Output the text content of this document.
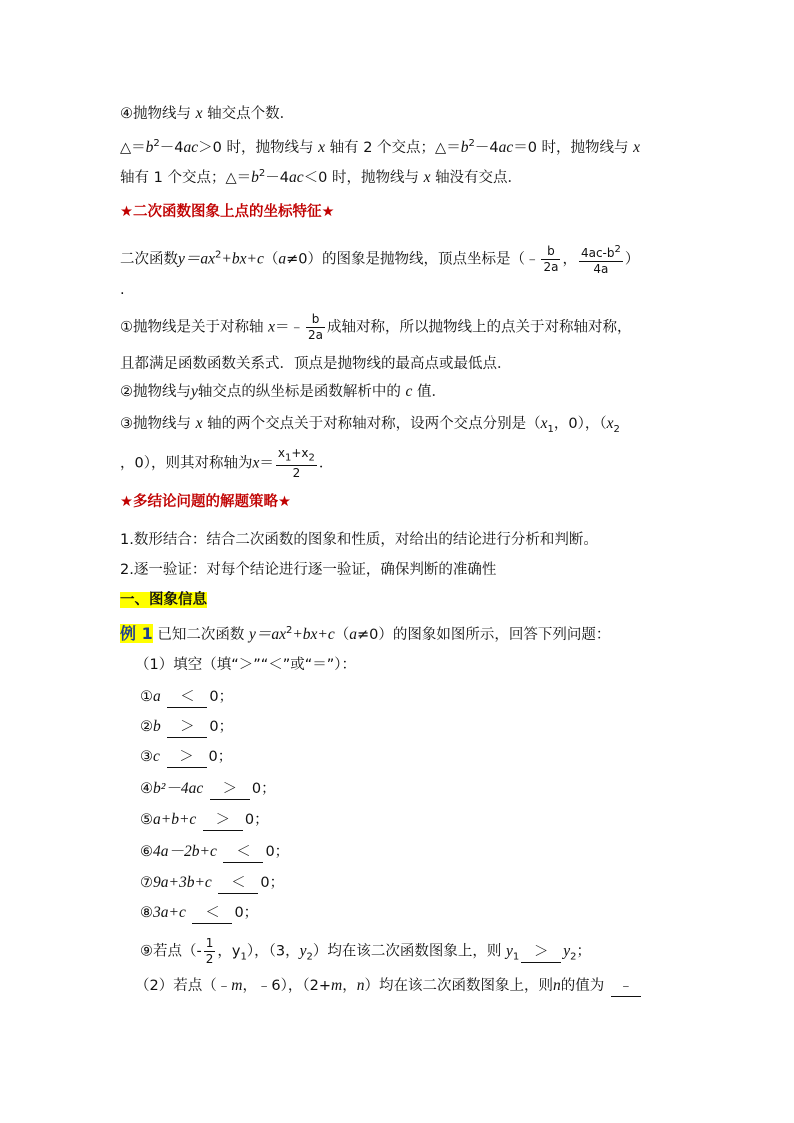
④抛物线与 x 轴交点个数．
$\triangle=b^2-4ac>0$ 时，抛物线与 x 轴有 2 个交点；$\triangle=b^2-4ac=0$ 时，抛物线与 x
轴有 1 个交点；$\triangle=b^2-4ac<0$ 时，抛物线与 x 轴没有交点．
★二次函数图象上点的坐标特征★
二次函数$y=ax^2+bx+c(a\ne 0)$的图象是抛物线，顶点坐标是（﹣ $\frac{b}{2a}$ ， $\frac{4ac-b^2}{4a}$ ）
.
①抛物线是关于对称轴 x＝﹣ $\frac{b}{2a}$ 成轴对称，所以抛物线上的点关于对称轴对称，
且都满足函数函数关系式．顶点是抛物线的最高点或最低点．
②抛物线与y轴交点的纵坐标是函数解析中的 c 值．
③抛物线与 x 轴的两个交点关于对称轴对称，设两个交点分别是（$x_1$，0），（$x_2$
，0），则其对称轴为$x= \frac{x_1+x_2}{2}$ ．
★多结论问题的解题策略★
1.数形结合：结合二次函数的图象和性质，对给出的结论进行分析和判断。
2.逐一验证：对每个结论进行逐一验证，确保判断的准确性
一、图象信息
例 1 已知二次函数 $y=ax^2+bx+c(a\ne 0)$的图象如图所示，回答下列问题：
（1）填空（填“＞”“＜”或“＝”）：
①a ＜ 0；
②b ＞ 0；
③c ＞ 0；
④b²－4ac ＞ 0；
⑤a+b+c ＞ 0；
⑥4a－2b+c ＜ 0；
⑦9a+3b+c ＜ 0；
⑧3a+c ＜ 0；
⑨若点（- $\frac{1}{2}$ ，$y_1$），（3，$y_2$）均在该二次函数图象上，则 $y_1 > y_2$；
（2）若点（﹣m，﹣6），（2+m，n）均在该二次函数图象上，则n的值为 ﹣
